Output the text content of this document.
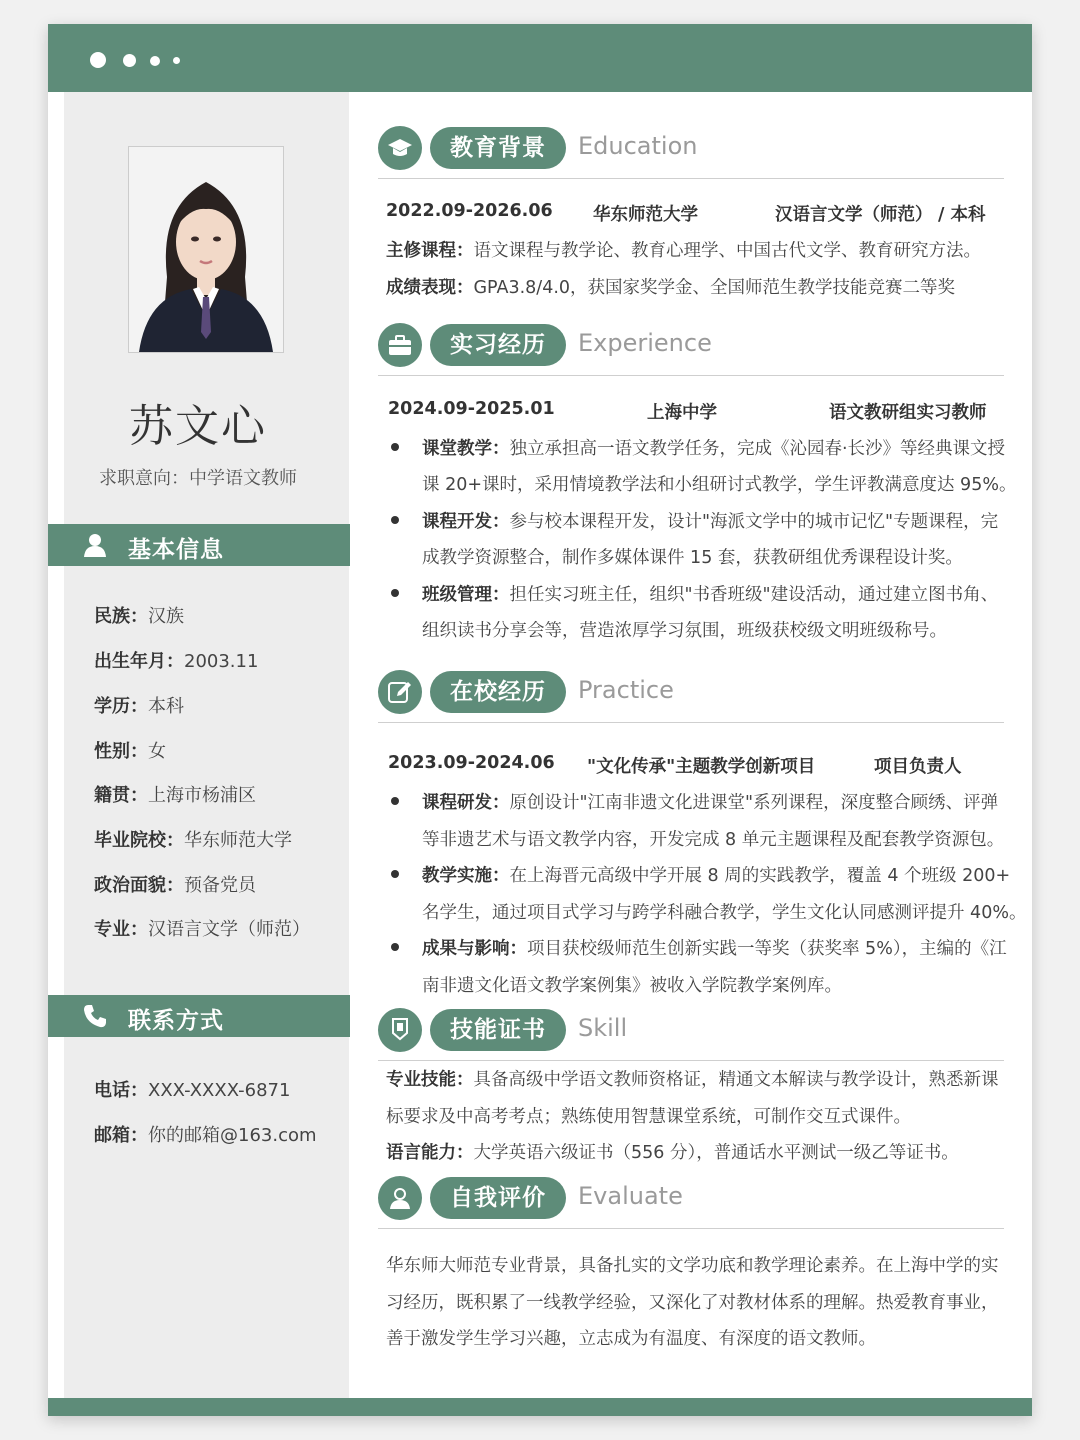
苏文心
求职意向：中学语文教师
基本信息
民族：汉族
出生年月：2003.11
学历：本科
性别：女
籍贯：上海市杨浦区
毕业院校：华东师范大学
政治面貌：预备党员
专业：汉语言文学（师范）
联系方式
电话：XXX-XXXX-6871
邮箱：你的邮箱@163.com
教育背景	Education
2022.09-2026.06 华东师范大学	汉语言文学（师范） / 本科
主修课程：语文课程与教学论、教育心理学、中国古代文学、教育研究方法。
成绩表现：GPA3.8/4.0，获国家奖学金、全国师范生教学技能竞赛二等奖
实习经历	Experience
2024.09-2025.01	上海中学	语文教研组实习教师
课堂教学：独立承担高一语文教学任务，完成《沁园春·长沙》等经典课文授
课 20+课时，采用情境教学法和小组研讨式教学，学生评教满意度达 95%。
课程开发：参与校本课程开发，设计"海派文学中的城市记忆"专题课程，完
成教学资源整合，制作多媒体课件 15 套，获教研组优秀课程设计奖。
班级管理：担任实习班主任，组织"书香班级"建设活动，通过建立图书角、
组织读书分享会等，营造浓厚学习氛围，班级获校级文明班级称号。
在校经历	Practice
2023.09-2024.06 "文化传承"主题教学创新项目	项目负责人
课程研发：原创设计"江南非遗文化进课堂"系列课程，深度整合顾绣、评弹
等非遗艺术与语文教学内容，开发完成 8 单元主题课程及配套教学资源包。
教学实施：在上海晋元高级中学开展 8 周的实践教学，覆盖 4 个班级 200+
名学生，通过项目式学习与跨学科融合教学，学生文化认同感测评提升 40%。
成果与影响：项目获校级师范生创新实践一等奖（获奖率 5%），主编的《江
南非遗文化语文教学案例集》被收入学院教学案例库。
技能证书	Skill
专业技能：具备高级中学语文教师资格证，精通文本解读与教学设计，熟悉新课
标要求及中高考考点；熟练使用智慧课堂系统，可制作交互式课件。
语言能力：大学英语六级证书（556 分），普通话水平测试一级乙等证书。
自我评价	Evaluate
华东师大师范专业背景，具备扎实的文学功底和教学理论素养。在上海中学的实
习经历，既积累了一线教学经验，又深化了对教材体系的理解。热爱教育事业，
善于激发学生学习兴趣，立志成为有温度、有深度的语文教师。
